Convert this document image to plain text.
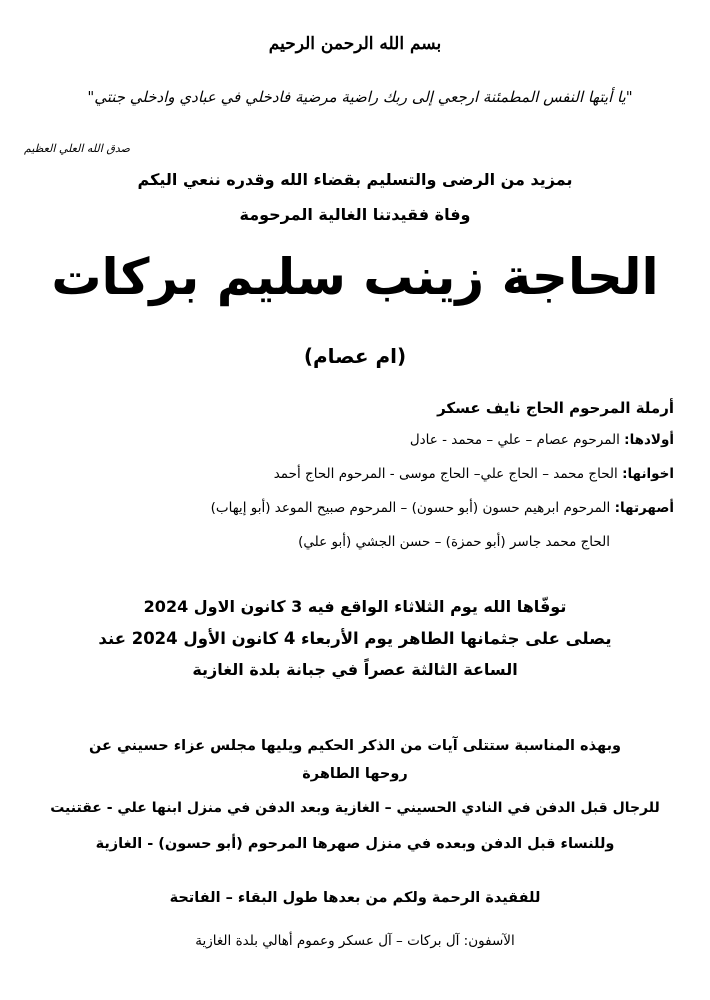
بسم الله الرحمن الرحيم
"يا أيتها النفس المطمئنة ارجعي إلى ربك راضية مرضية فادخلي في عبادي وادخلي جنتي"
صدق الله العلي العظيم
بمزيد من الرضى والتسليم بقضاء الله وقدره ننعي اليكم
وفاة فقيدتنا الغالية المرحومة
الحاجة زينب سليم بركات
(ام عصام)
أرملة المرحوم الحاج نايف عسكر
أولادها: المرحوم عصام – علي – محمد - عادل
اخوانها: الحاج محمد – الحاج علي– الحاج موسى - المرحوم الحاج أحمد
أصهرتها: المرحوم ابرهيم حسون (أبو حسون) – المرحوم صبيح الموعد (أبو إيهاب)
الحاج محمد جاسر (أبو حمزة) – حسن الجشي (أبو علي)
توفّاها الله يوم الثلاثاء الواقع فيه 3 كانون الاول 2024
يصلى على جثمانها الطاهر يوم الأربعاء 4 كانون الأول 2024 عند
الساعة الثالثة عصراً في جبانة بلدة الغازية
وبهذه المناسبة ستتلى آيات من الذكر الحكيم ويليها مجلس عزاء حسيني عن
روحها الطاهرة
للرجال قبل الدفن في النادي الحسيني – الغازية وبعد الدفن في منزل ابنها علي - عقتنيت
وللنساء قبل الدفن وبعده في منزل صهرها المرحوم (أبو حسون) - الغازية
للفقيدة الرحمة ولكم من بعدها طول البقاء – الفاتحة
الآسفون: آل بركات – آل عسكر وعموم أهالي بلدة الغازية
